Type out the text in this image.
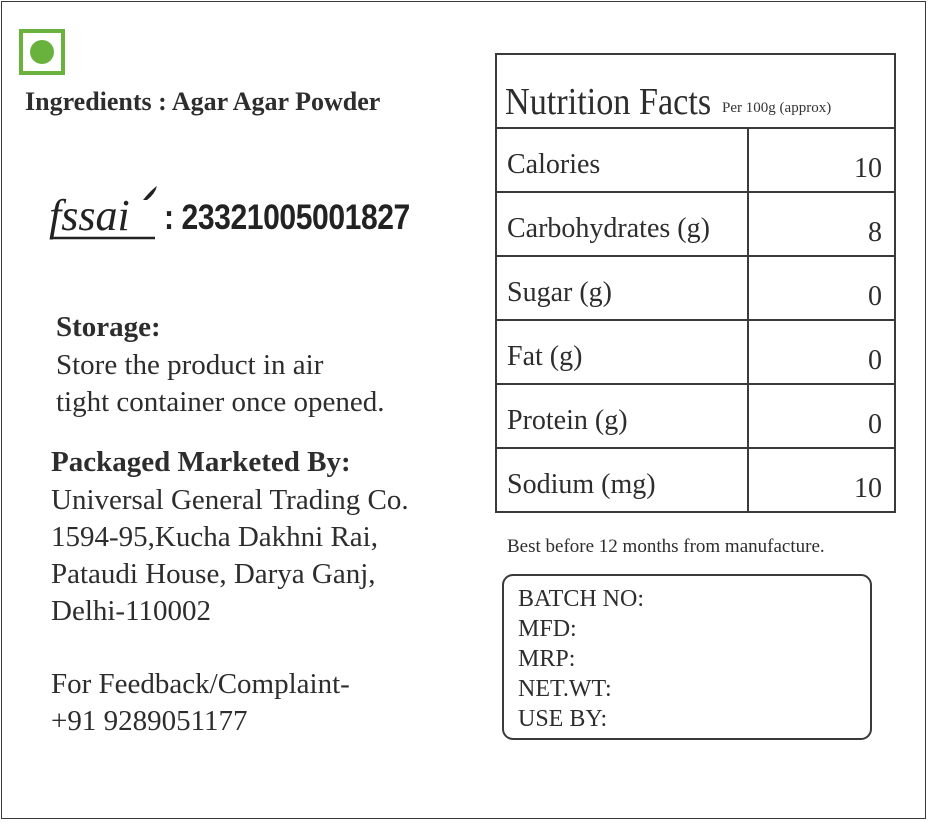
Ingredients : Agar Agar Powder
fssai : 23321005001827
Storage:
Store the product in air
tight container once opened.
Packaged Marketed By:
Universal General Trading Co.
1594-95,Kucha Dakhni Rai,
Pataudi House, Darya Ganj,
Delhi-110002
For Feedback/Complaint-
+91 9289051177
Nutrition Facts Per 100g (approx)
Calories	10
Carbohydrates (g)	8
Sugar (g)	0
Fat (g)	0
Protein (g)	0
Sodium (mg)	10
Best before 12 months from manufacture.
BATCH NO:
MFD:
MRP:
NET.WT:
USE BY:
